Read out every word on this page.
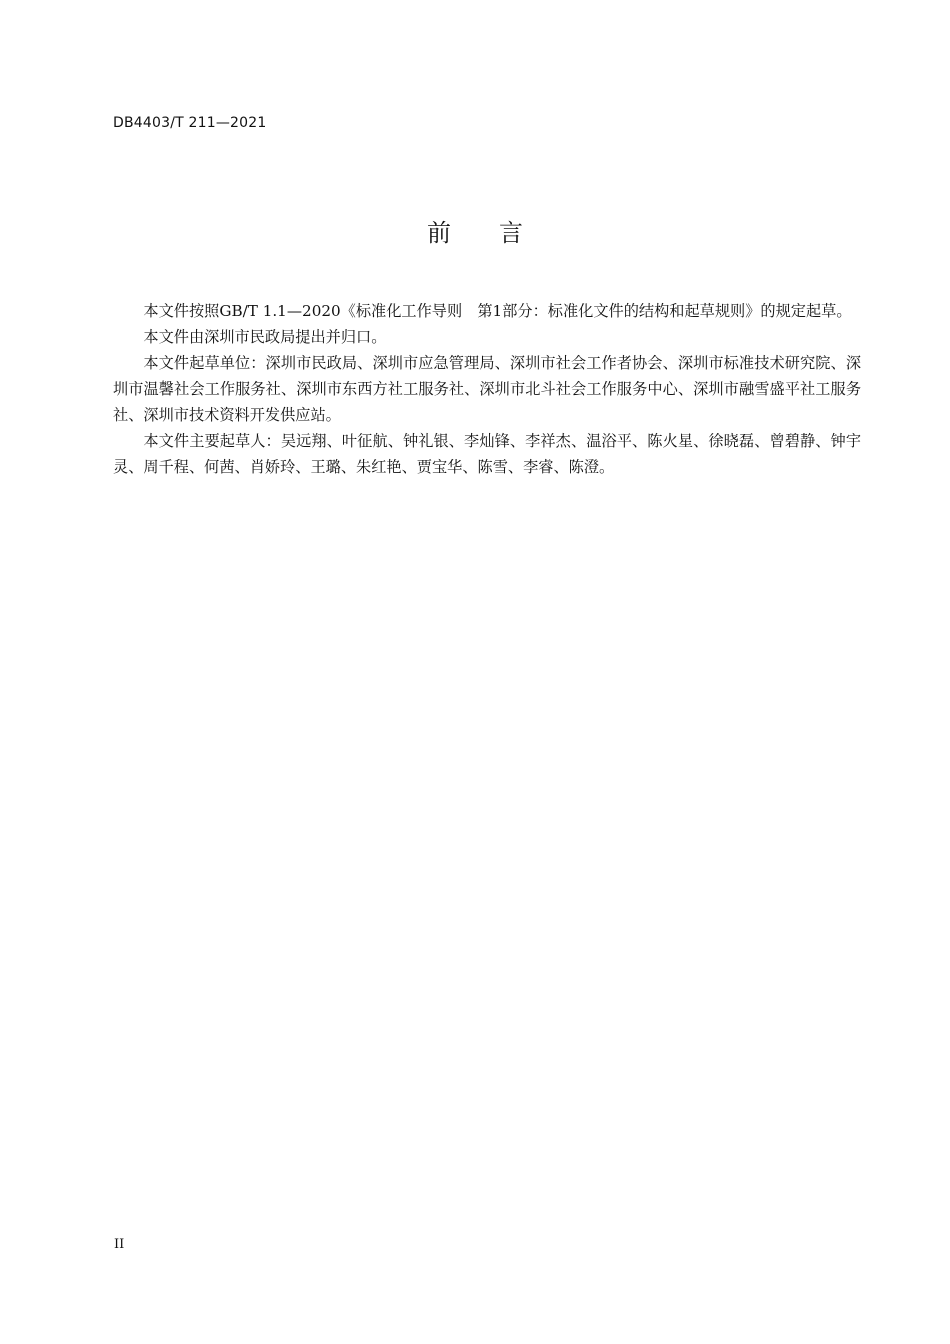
DB4403/T 211—2021
前言

本文件按照GB/T 1.1—2020《标准化工作导则　第1部分：标准化文件的结构和起草规则》的规定起草。

本文件由深圳市民政局提出并归口。

本文件起草单位：深圳市民政局、深圳市应急管理局、深圳市社会工作者协会、深圳市标准技术研究院、深圳市温馨社会工作服务社、深圳市东西方社工服务社、深圳市北斗社会工作服务中心、深圳市融雪盛平社工服务社、深圳市技术资料开发供应站。

本文件主要起草人：吴远翔、叶征航、钟礼银、李灿锋、李祥杰、温浴平、陈火星、徐晓磊、曾碧静、钟宇灵、周千程、何茜、肖娇玲、王璐、朱红艳、贾宝华、陈雪、李睿、陈澄。

II
